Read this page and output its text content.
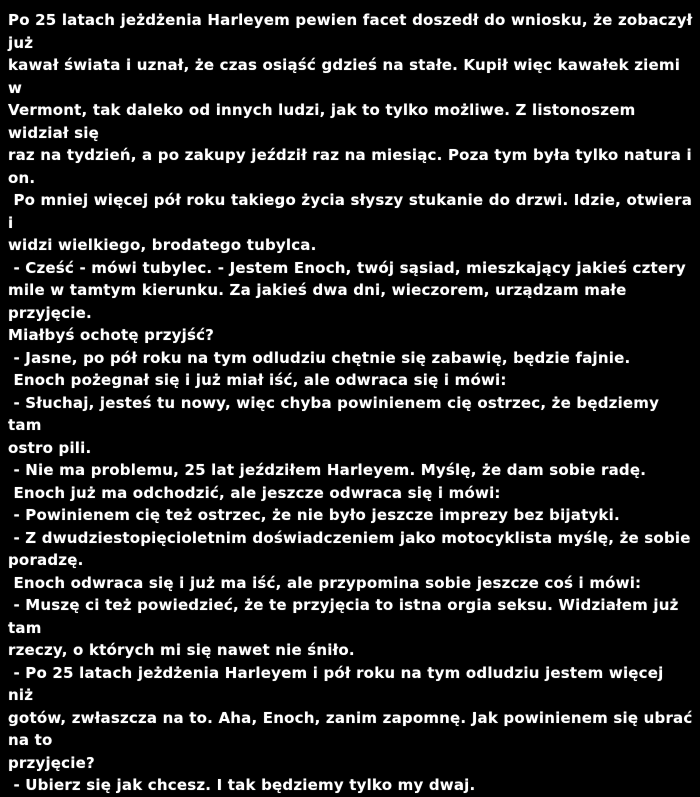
Po 25 latach jeżdżenia Harleyem pewien facet doszedł do wniosku, że zobaczył już
kawał świata i uznał, że czas osiąść gdzieś na stałe. Kupił więc kawałek ziemi w
Vermont, tak daleko od innych ludzi, jak to tylko możliwe. Z listonoszem widział się
raz na tydzień, a po zakupy jeździł raz na miesiąc. Poza tym była tylko natura i on.
Po mniej więcej pół roku takiego życia słyszy stukanie do drzwi. Idzie, otwiera i
widzi wielkiego, brodatego tubylca.
- Cześć - mówi tubylec. - Jestem Enoch, twój sąsiad, mieszkający jakieś cztery
mile w tamtym kierunku. Za jakieś dwa dni, wieczorem, urządzam małe przyjęcie.
Miałbyś ochotę przyjść?
- Jasne, po pół roku na tym odludziu chętnie się zabawię, będzie fajnie.
Enoch pożegnał się i już miał iść, ale odwraca się i mówi:
- Słuchaj, jesteś tu nowy, więc chyba powinienem cię ostrzec, że będziemy tam
ostro pili.
- Nie ma problemu, 25 lat jeździłem Harleyem. Myślę, że dam sobie radę.
Enoch już ma odchodzić, ale jeszcze odwraca się i mówi:
- Powinienem cię też ostrzec, że nie było jeszcze imprezy bez bijatyki.
- Z dwudziestopięcioletnim doświadczeniem jako motocyklista myślę, że sobie
poradzę.
Enoch odwraca się i już ma iść, ale przypomina sobie jeszcze coś i mówi:
- Muszę ci też powiedzieć, że te przyjęcia to istna orgia seksu. Widziałem już tam
rzeczy, o których mi się nawet nie śniło.
- Po 25 latach jeżdżenia Harleyem i pół roku na tym odludziu jestem więcej niż
gotów, zwłaszcza na to. Aha, Enoch, zanim zapomnę. Jak powinienem się ubrać na to
przyjęcie?
- Ubierz się jak chcesz. I tak będziemy tylko my dwaj.
